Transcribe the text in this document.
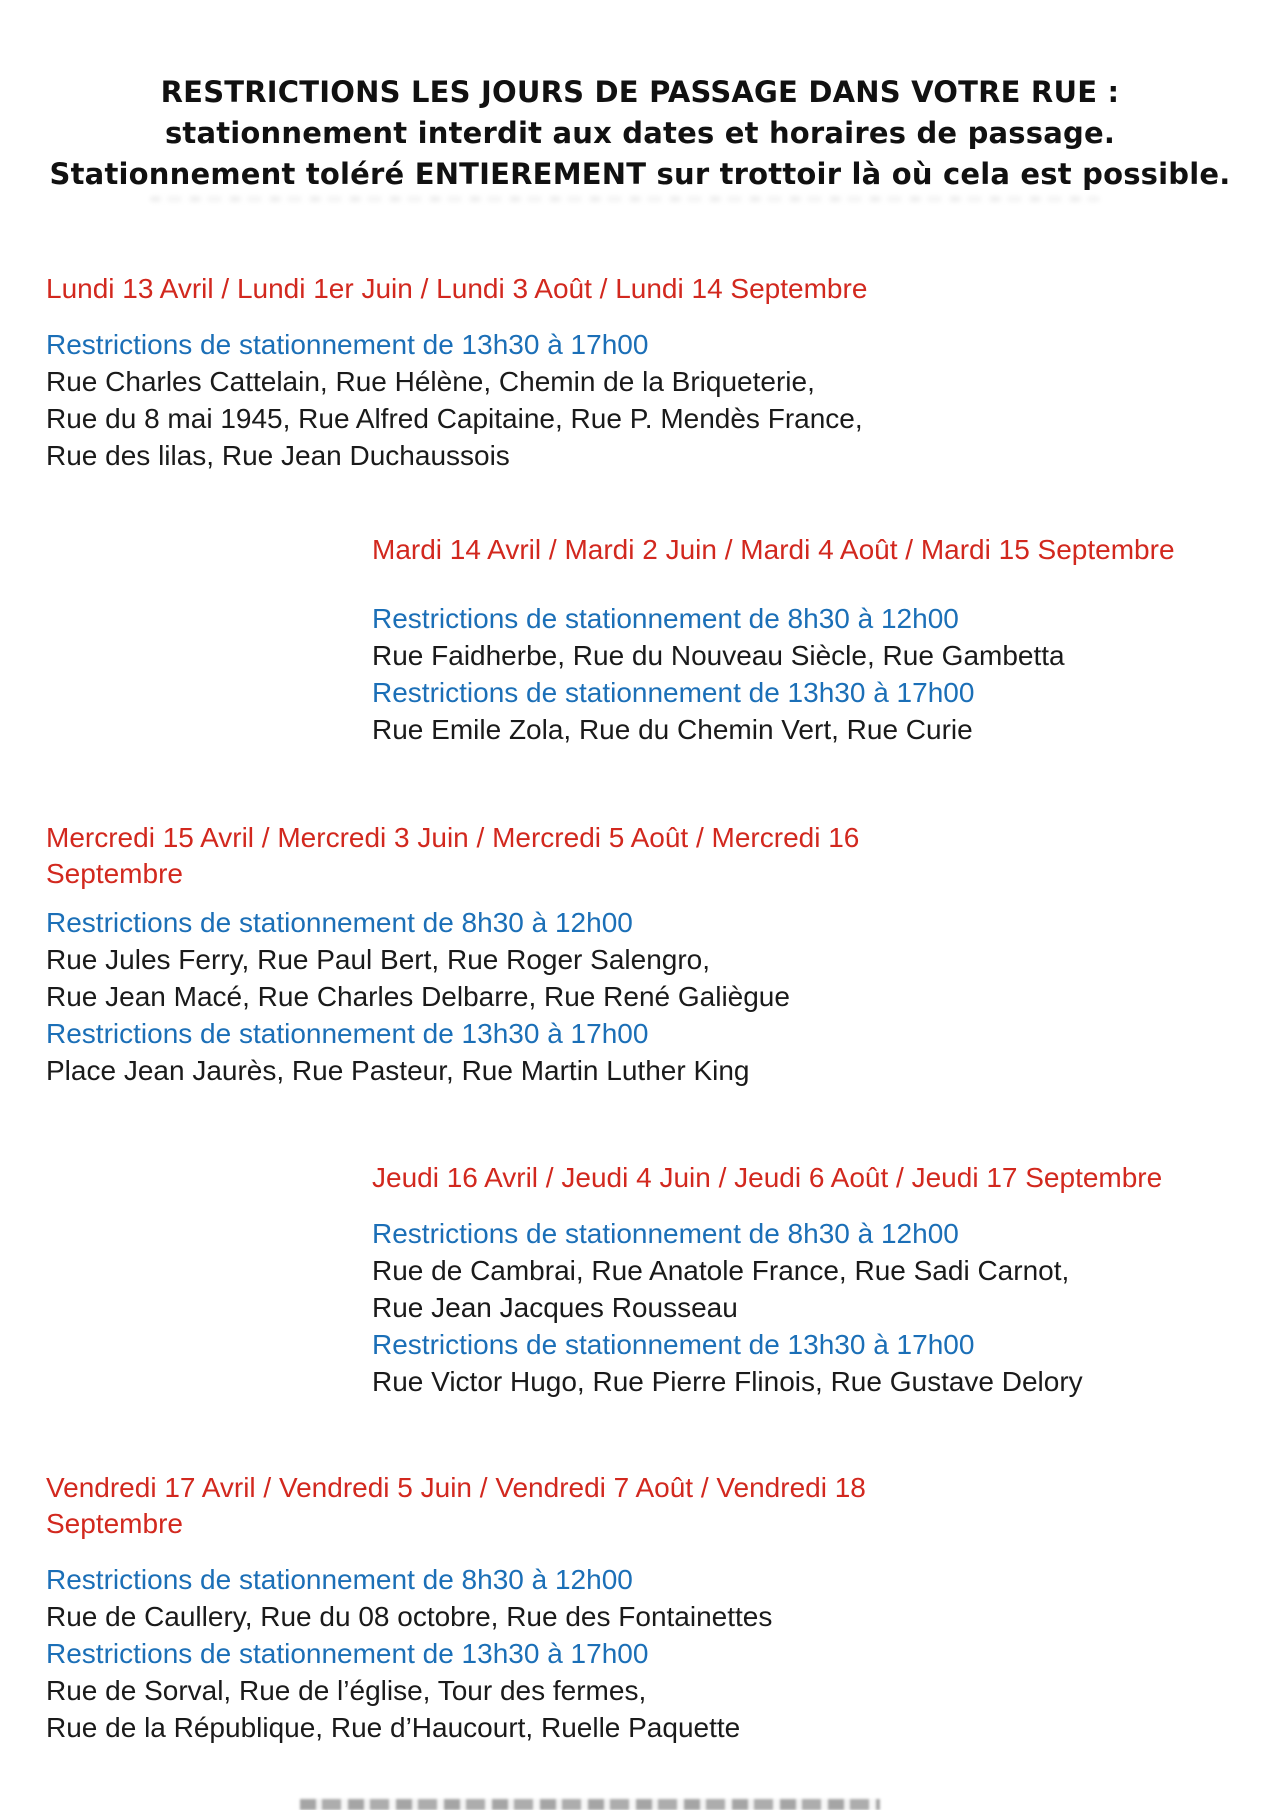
RESTRICTIONS LES JOURS DE PASSAGE DANS VOTRE RUE :
stationnement interdit aux dates et horaires de passage.
Stationnement toléré ENTIEREMENT sur trottoir là où cela est possible.
Lundi 13 Avril / Lundi 1er Juin / Lundi 3 Août / Lundi 14 Septembre
Restrictions de stationnement de 13h30 à 17h00
Rue Charles Cattelain, Rue Hélène, Chemin de la Briqueterie,
Rue du 8 mai 1945, Rue Alfred Capitaine, Rue P. Mendès France,
Rue des lilas, Rue Jean Duchaussois
Mardi 14 Avril / Mardi 2 Juin / Mardi 4 Août / Mardi 15 Septembre
Restrictions de stationnement de 8h30 à 12h00
Rue Faidherbe, Rue du Nouveau Siècle, Rue Gambetta
Restrictions de stationnement de 13h30 à 17h00
Rue Emile Zola, Rue du Chemin Vert, Rue Curie
Mercredi 15 Avril / Mercredi 3 Juin / Mercredi 5 Août / Mercredi 16
Septembre
Restrictions de stationnement de 8h30 à 12h00
Rue Jules Ferry, Rue Paul Bert, Rue Roger Salengro,
Rue Jean Macé, Rue Charles Delbarre, Rue René Galiègue
Restrictions de stationnement de 13h30 à 17h00
Place Jean Jaurès, Rue Pasteur, Rue Martin Luther King
Jeudi 16 Avril / Jeudi 4 Juin / Jeudi 6 Août / Jeudi 17 Septembre
Restrictions de stationnement de 8h30 à 12h00
Rue de Cambrai, Rue Anatole France, Rue Sadi Carnot,
Rue Jean Jacques Rousseau
Restrictions de stationnement de 13h30 à 17h00
Rue Victor Hugo, Rue Pierre Flinois, Rue Gustave Delory
Vendredi 17 Avril / Vendredi 5 Juin / Vendredi 7 Août / Vendredi 18
Septembre
Restrictions de stationnement de 8h30 à 12h00
Rue de Caullery, Rue du 08 octobre, Rue des Fontainettes
Restrictions de stationnement de 13h30 à 17h00
Rue de Sorval, Rue de l’église, Tour des fermes,
Rue de la République, Rue d’Haucourt, Ruelle Paquette
